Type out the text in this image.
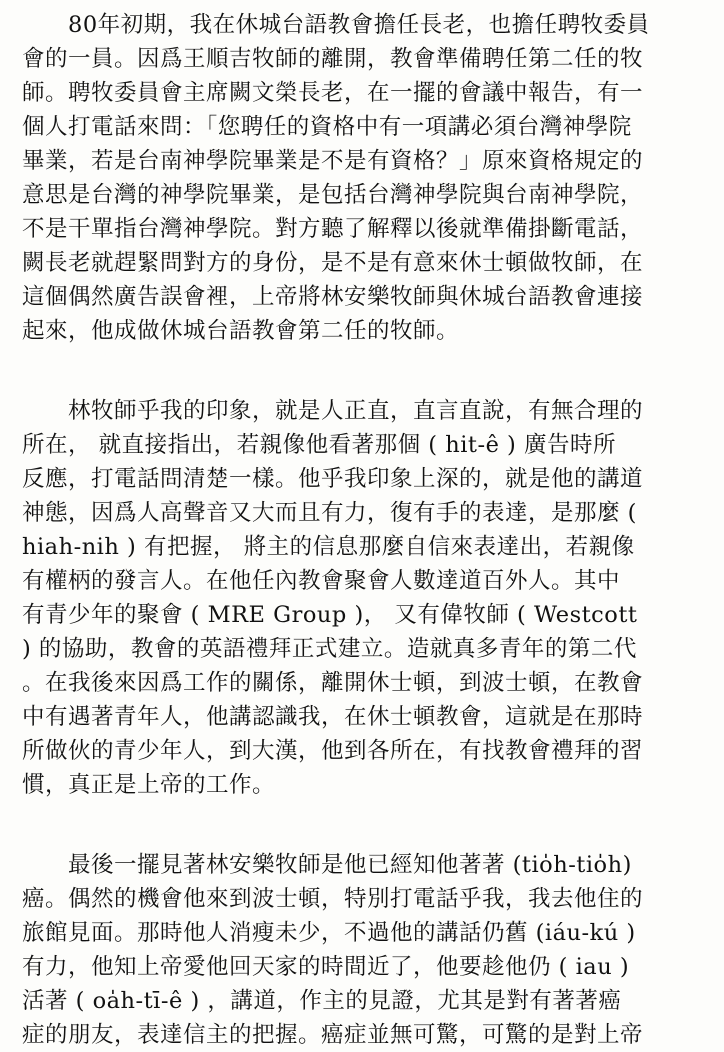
　　80年初期，我在休城台語教會擔任長老，也擔任聘牧委員
會的一員。因爲王順吉牧師的離開，教會準備聘任第二任的牧
師。聘牧委員會主席闕文榮長老，在一擺的會議中報告，有一
個人打電話來問：「您聘任的資格中有一項講必須台灣神學院
畢業，若是台南神學院畢業是不是有資格？」原來資格規定的
意思是台灣的神學院畢業，是包括台灣神學院與台南神學院，
不是干單指台灣神學院。對方聽了解釋以後就準備掛斷電話，
闕長老就趕緊問對方的身份，是不是有意來休士頓做牧師，在
這個偶然廣告誤會裡，上帝將林安樂牧師與休城台語教會連接
起來，他成做休城台語教會第二任的牧師。
　　林牧師乎我的印象，就是人正直，直言直說，有無合理的
所在， 就直接指出，若親像他看著那個 ( hit-ê ) 廣告時所
反應，打電話問清楚一樣。他乎我印象上深的，就是他的講道
神態，因爲人高聲音又大而且有力，復有手的表達，是那麼 (
hiah-nih ) 有把握， 將主的信息那麼自信來表達出，若親像
有權柄的發言人。在他任內教會聚會人數達道百外人。其中
有青少年的聚會 ( MRE Group )， 又有偉牧師 ( Westcott
) 的協助，教會的英語禮拜正式建立。造就真多青年的第二代
。在我後來因爲工作的關係，離開休士頓，到波士頓，在教會
中有遇著青年人，他講認識我，在休士頓教會，這就是在那時
所做伙的青少年人，到大漢，他到各所在，有找教會禮拜的習
慣，真正是上帝的工作。
　　最後一擺見著林安樂牧師是他已經知他著著 (tio̍h-tio̍h)
癌。偶然的機會他來到波士頓，特別打電話乎我，我去他住的
旅館見面。那時他人消瘦未少，不過他的講話仍舊 (iáu-kú )
有力，他知上帝愛他回天家的時間近了，他要趁他仍 ( iau )
活著 ( oa̍h-tī-ê ) ，講道，作主的見證，尤其是對有著著癌
症的朋友，表達信主的把握。癌症並無可驚，可驚的是對上帝
